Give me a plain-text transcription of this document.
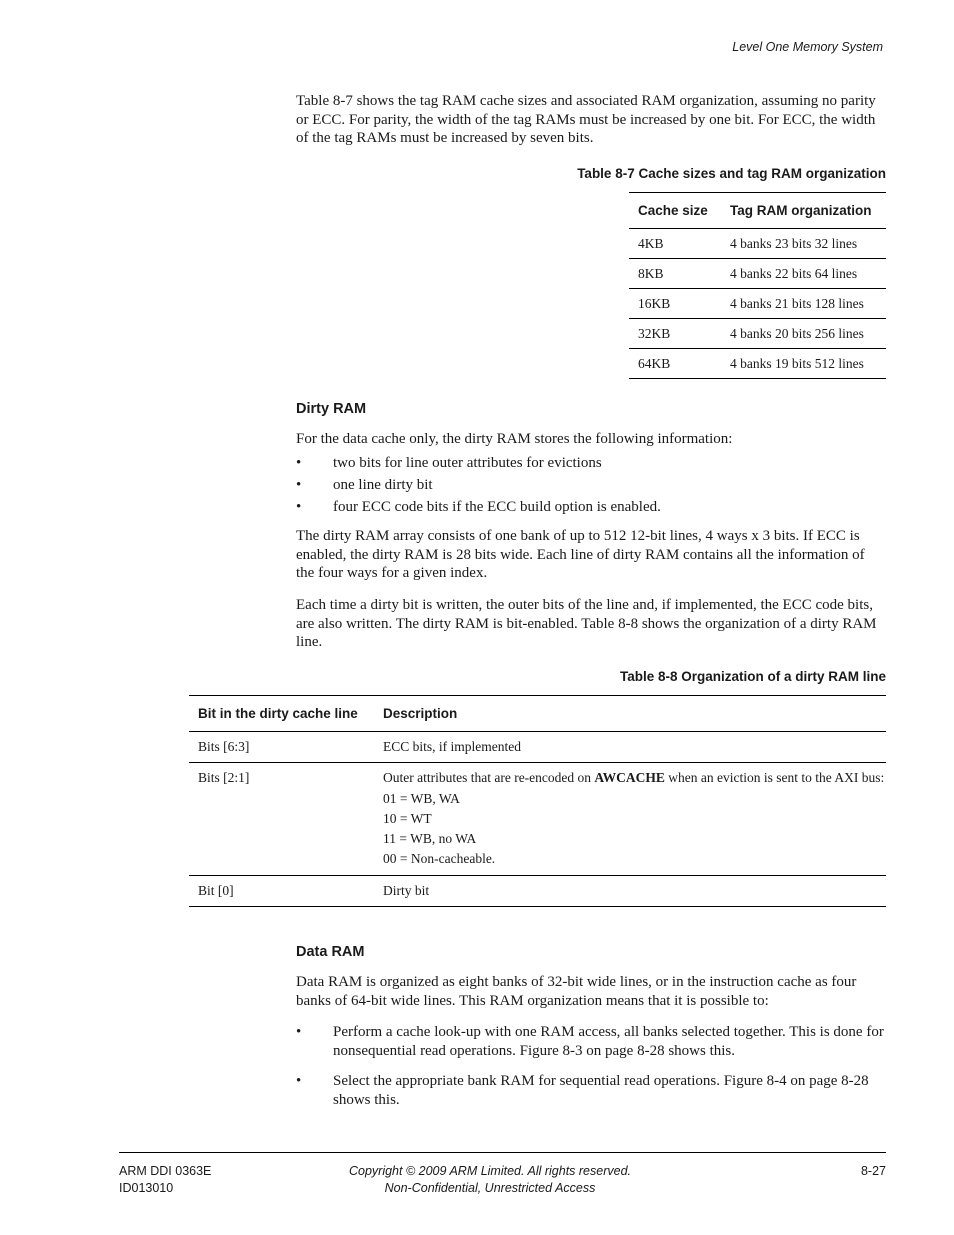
Level One Memory System
Table 8-7 shows the tag RAM cache sizes and associated RAM organization, assuming no parity or ECC. For parity, the width of the tag RAMs must be increased by one bit. For ECC, the width of the tag RAMs must be increased by seven bits.
Table 8-7 Cache sizes and tag RAM organization
Cache size	Tag RAM organization
4KB	4 banks 23 bits 32 lines
8KB	4 banks 22 bits 64 lines
16KB	4 banks 21 bits 128 lines
32KB	4 banks 20 bits 256 lines
64KB	4 banks 19 bits 512 lines
Dirty RAM
For the data cache only, the dirty RAM stores the following information:
• two bits for line outer attributes for evictions
• one line dirty bit
• four ECC code bits if the ECC build option is enabled.
The dirty RAM array consists of one bank of up to 512 12-bit lines, 4 ways x 3 bits. If ECC is enabled, the dirty RAM is 28 bits wide. Each line of dirty RAM contains all the information of the four ways for a given index.
Each time a dirty bit is written, the outer bits of the line and, if implemented, the ECC code bits, are also written. The dirty RAM is bit-enabled. Table 8-8 shows the organization of a dirty RAM line.
Table 8-8 Organization of a dirty RAM line
Bit in the dirty cache line	Description
Bits [6:3]	ECC bits, if implemented
Bits [2:1]	Outer attributes that are re-encoded on AWCACHE when an eviction is sent to the AXI bus:
01 = WB, WA
10 = WT
11 = WB, no WA
00 = Non-cacheable.

Bit [0]	Dirty bit
Data RAM
Data RAM is organized as eight banks of 32-bit wide lines, or in the instruction cache as four banks of 64-bit wide lines. This RAM organization means that it is possible to:
• Perform a cache look-up with one RAM access, all banks selected together. This is done for nonsequential read operations. Figure 8-3 on page 8-28 shows this.
• Select the appropriate bank RAM for sequential read operations. Figure 8-4 on page 8-28 shows this.
ARM DDI 0363E
ID013010
Copyright © 2009 ARM Limited. All rights reserved.
Non-Confidential, Unrestricted Access
8-27
